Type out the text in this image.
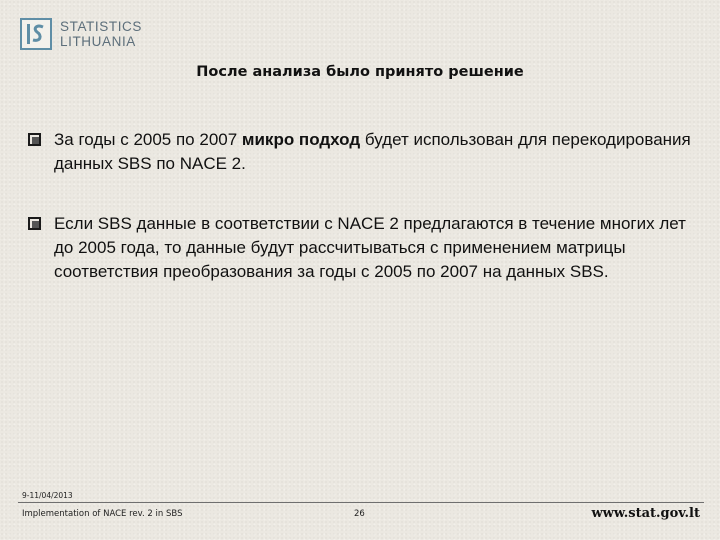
STATISTICS
LITHUANIA
После анализа было принято решение
За годы с 2005 по 2007 микро подход будет использован для перекодирования данных SBS по NACE 2.
Если SBS данные в соответствии с NACE 2 предлагаются в течение многих лет до 2005 года, то данные будут рассчитываться с применением матрицы соответствия преобразования за годы с 2005 по 2007 на данных SBS.
9-11/04/2013
Implementation of NACE rev. 2 in SBS	26	www.stat.gov.lt
